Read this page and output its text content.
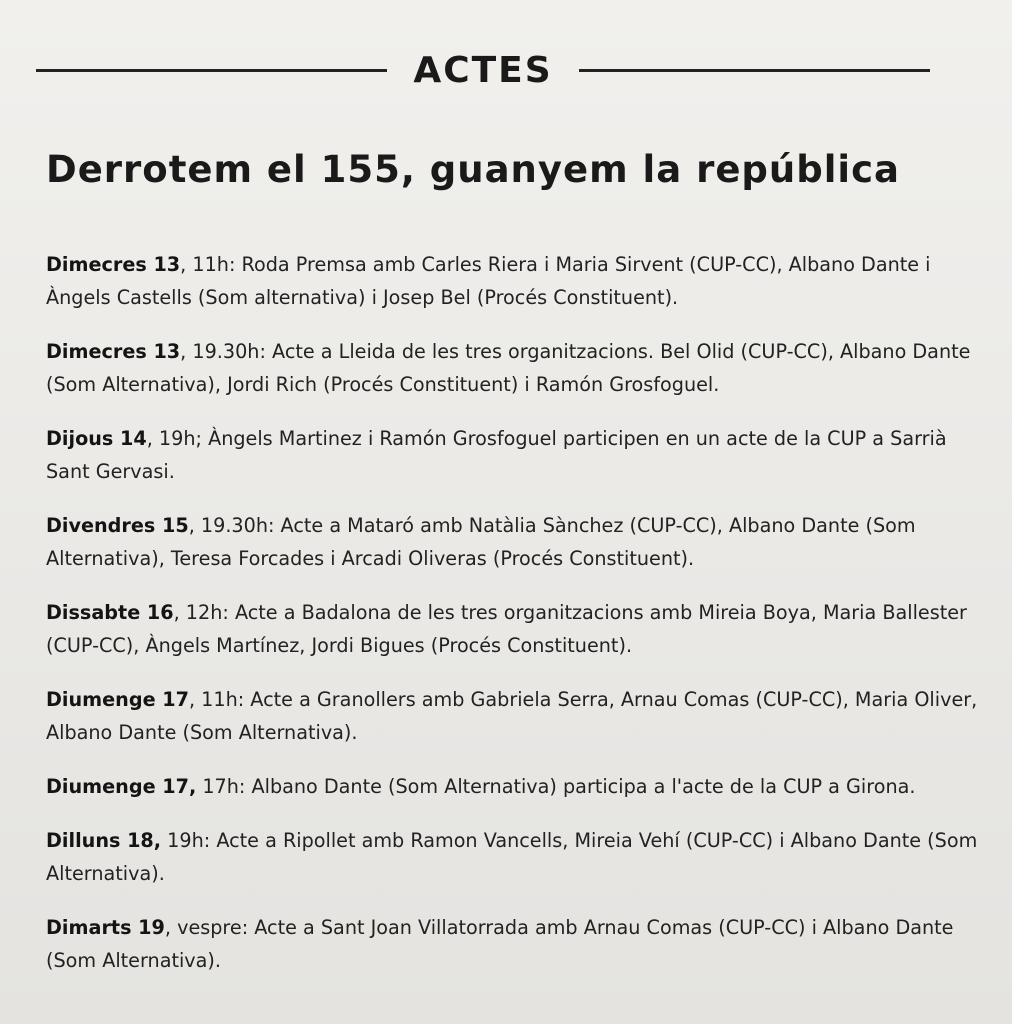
ACTES
Derrotem el 155, guanyem la república

Dimecres 13, 11h: Roda Premsa amb Carles Riera i Maria Sirvent (CUP-CC), Albano Dante i Àngels Castells (Som alternativa) i Josep Bel (Procés Constituent).

Dimecres 13, 19.30h: Acte a Lleida de les tres organitzacions. Bel Olid (CUP-CC), Albano Dante (Som Alternativa), Jordi Rich (Procés Constituent) i Ramón Grosfoguel.

Dijous 14, 19h; Àngels Martinez i Ramón Grosfoguel participen en un acte de la CUP a Sarrià Sant Gervasi.

Divendres 15, 19.30h: Acte a Mataró amb Natàlia Sànchez (CUP-CC), Albano Dante (Som Alternativa), Teresa Forcades i Arcadi Oliveras (Procés Constituent).

Dissabte 16, 12h: Acte a Badalona de les tres organitzacions amb Mireia Boya, Maria Ballester (CUP-CC), Àngels Martínez, Jordi Bigues (Procés Constituent).

Diumenge 17, 11h: Acte a Granollers amb Gabriela Serra, Arnau Comas (CUP-CC), Maria Oliver, Albano Dante (Som Alternativa).

Diumenge 17, 17h: Albano Dante (Som Alternativa) participa a l'acte de la CUP a Girona.

Dilluns 18, 19h: Acte a Ripollet amb Ramon Vancells, Mireia Vehí (CUP-CC) i Albano Dante (Som Alternativa).

Dimarts 19, vespre: Acte a Sant Joan Villatorrada amb Arnau Comas (CUP-CC) i Albano Dante (Som Alternativa).
